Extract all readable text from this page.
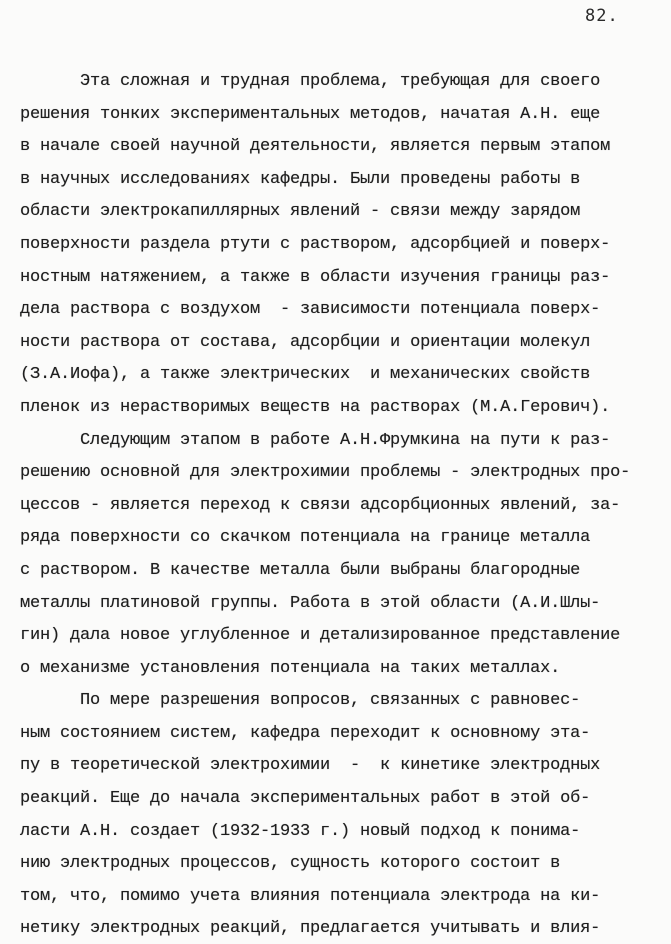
82.
Эта сложная и трудная проблема, требующая для своего
решения тонких экспериментальных методов, начатая А.Н. еще
в начале своей научной деятельности, является первым этапом
в научных исследованиях кафедры. Были проведены работы в
области электрокапиллярных явлений - связи между зарядом
поверхности раздела ртути с раствором, адсорбцией и поверх-
ностным натяжением, а также в области изучения границы раз-
дела раствора с воздухом  - зависимости потенциала поверх-
ности раствора от состава, адсорбции и ориентации молекул
(З.А.Иофа), а также электрических  и механических свойств
пленок из нерастворимых веществ на растворах (М.А.Герович).
Следующим этапом в работе А.Н.Фрумкина на пути к раз-
решению основной для электрохимии проблемы - электродных про-
цессов - является переход к связи адсорбционных явлений, за-
ряда поверхности со скачком потенциала на границе металла
с раствором. В качестве металла были выбраны благородные
металлы платиновой группы. Работа в этой области (А.И.Шлы-
гин) дала новое углубленное и детализированное представление
о механизме установления потенциала на таких металлах.
По мере разрешения вопросов, связанных с равновес-
ным состоянием систем, кафедра переходит к основному эта-
пу в теоретической электрохимии  -  к кинетике электродных
реакций. Еще до начала экспериментальных работ в этой об-
ласти А.Н. создает (1932-1933 г.) новый подход к понима-
нию электродных процессов, сущность которого состоит в
том, что, помимо учета влияния потенциала электрода на ки-
нетику электродных реакций, предлагается учитывать и влия-
